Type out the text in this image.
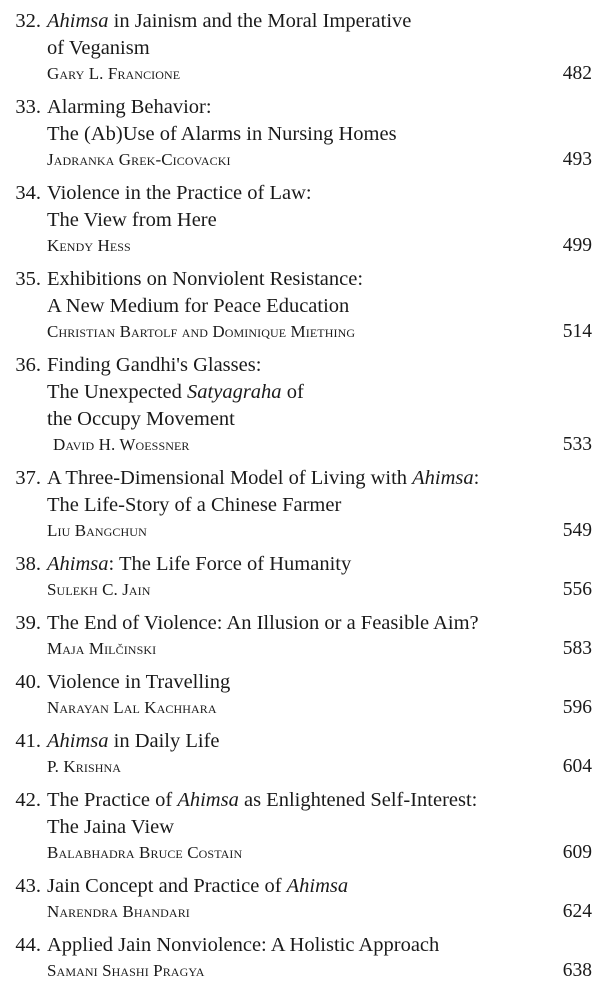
32. Ahimsa in Jainism and the Moral Imperative
of Veganism
Gary L. Francione	482
33. Alarming Behavior:
The (Ab)Use of Alarms in Nursing Homes
Jadranka Grek-Cicovacki	493
34. Violence in the Practice of Law:
The View from Here
Kendy Hess	499
35. Exhibitions on Nonviolent Resistance:
A New Medium for Peace Education
Christian Bartolf and Dominique Miething	514
36. Finding Gandhi's Glasses:
The Unexpected Satyagraha of
the Occupy Movement
David H. Woessner	533
37. A Three-Dimensional Model of Living with Ahimsa:
The Life-Story of a Chinese Farmer
Liu Bangchun	549
38. Ahimsa: The Life Force of Humanity
Sulekh C. Jain	556
39. The End of Violence: An Illusion or a Feasible Aim?
Maja Milčinski	583
40. Violence in Travelling
Narayan Lal Kachhara	596
41. Ahimsa in Daily Life
P. Krishna	604
42. The Practice of Ahimsa as Enlightened Self-Interest:
The Jaina View
Balabhadra Bruce Costain	609
43. Jain Concept and Practice of Ahimsa
Narendra Bhandari	624
44. Applied Jain Nonviolence: A Holistic Approach
Samani Shashi Pragya	638
